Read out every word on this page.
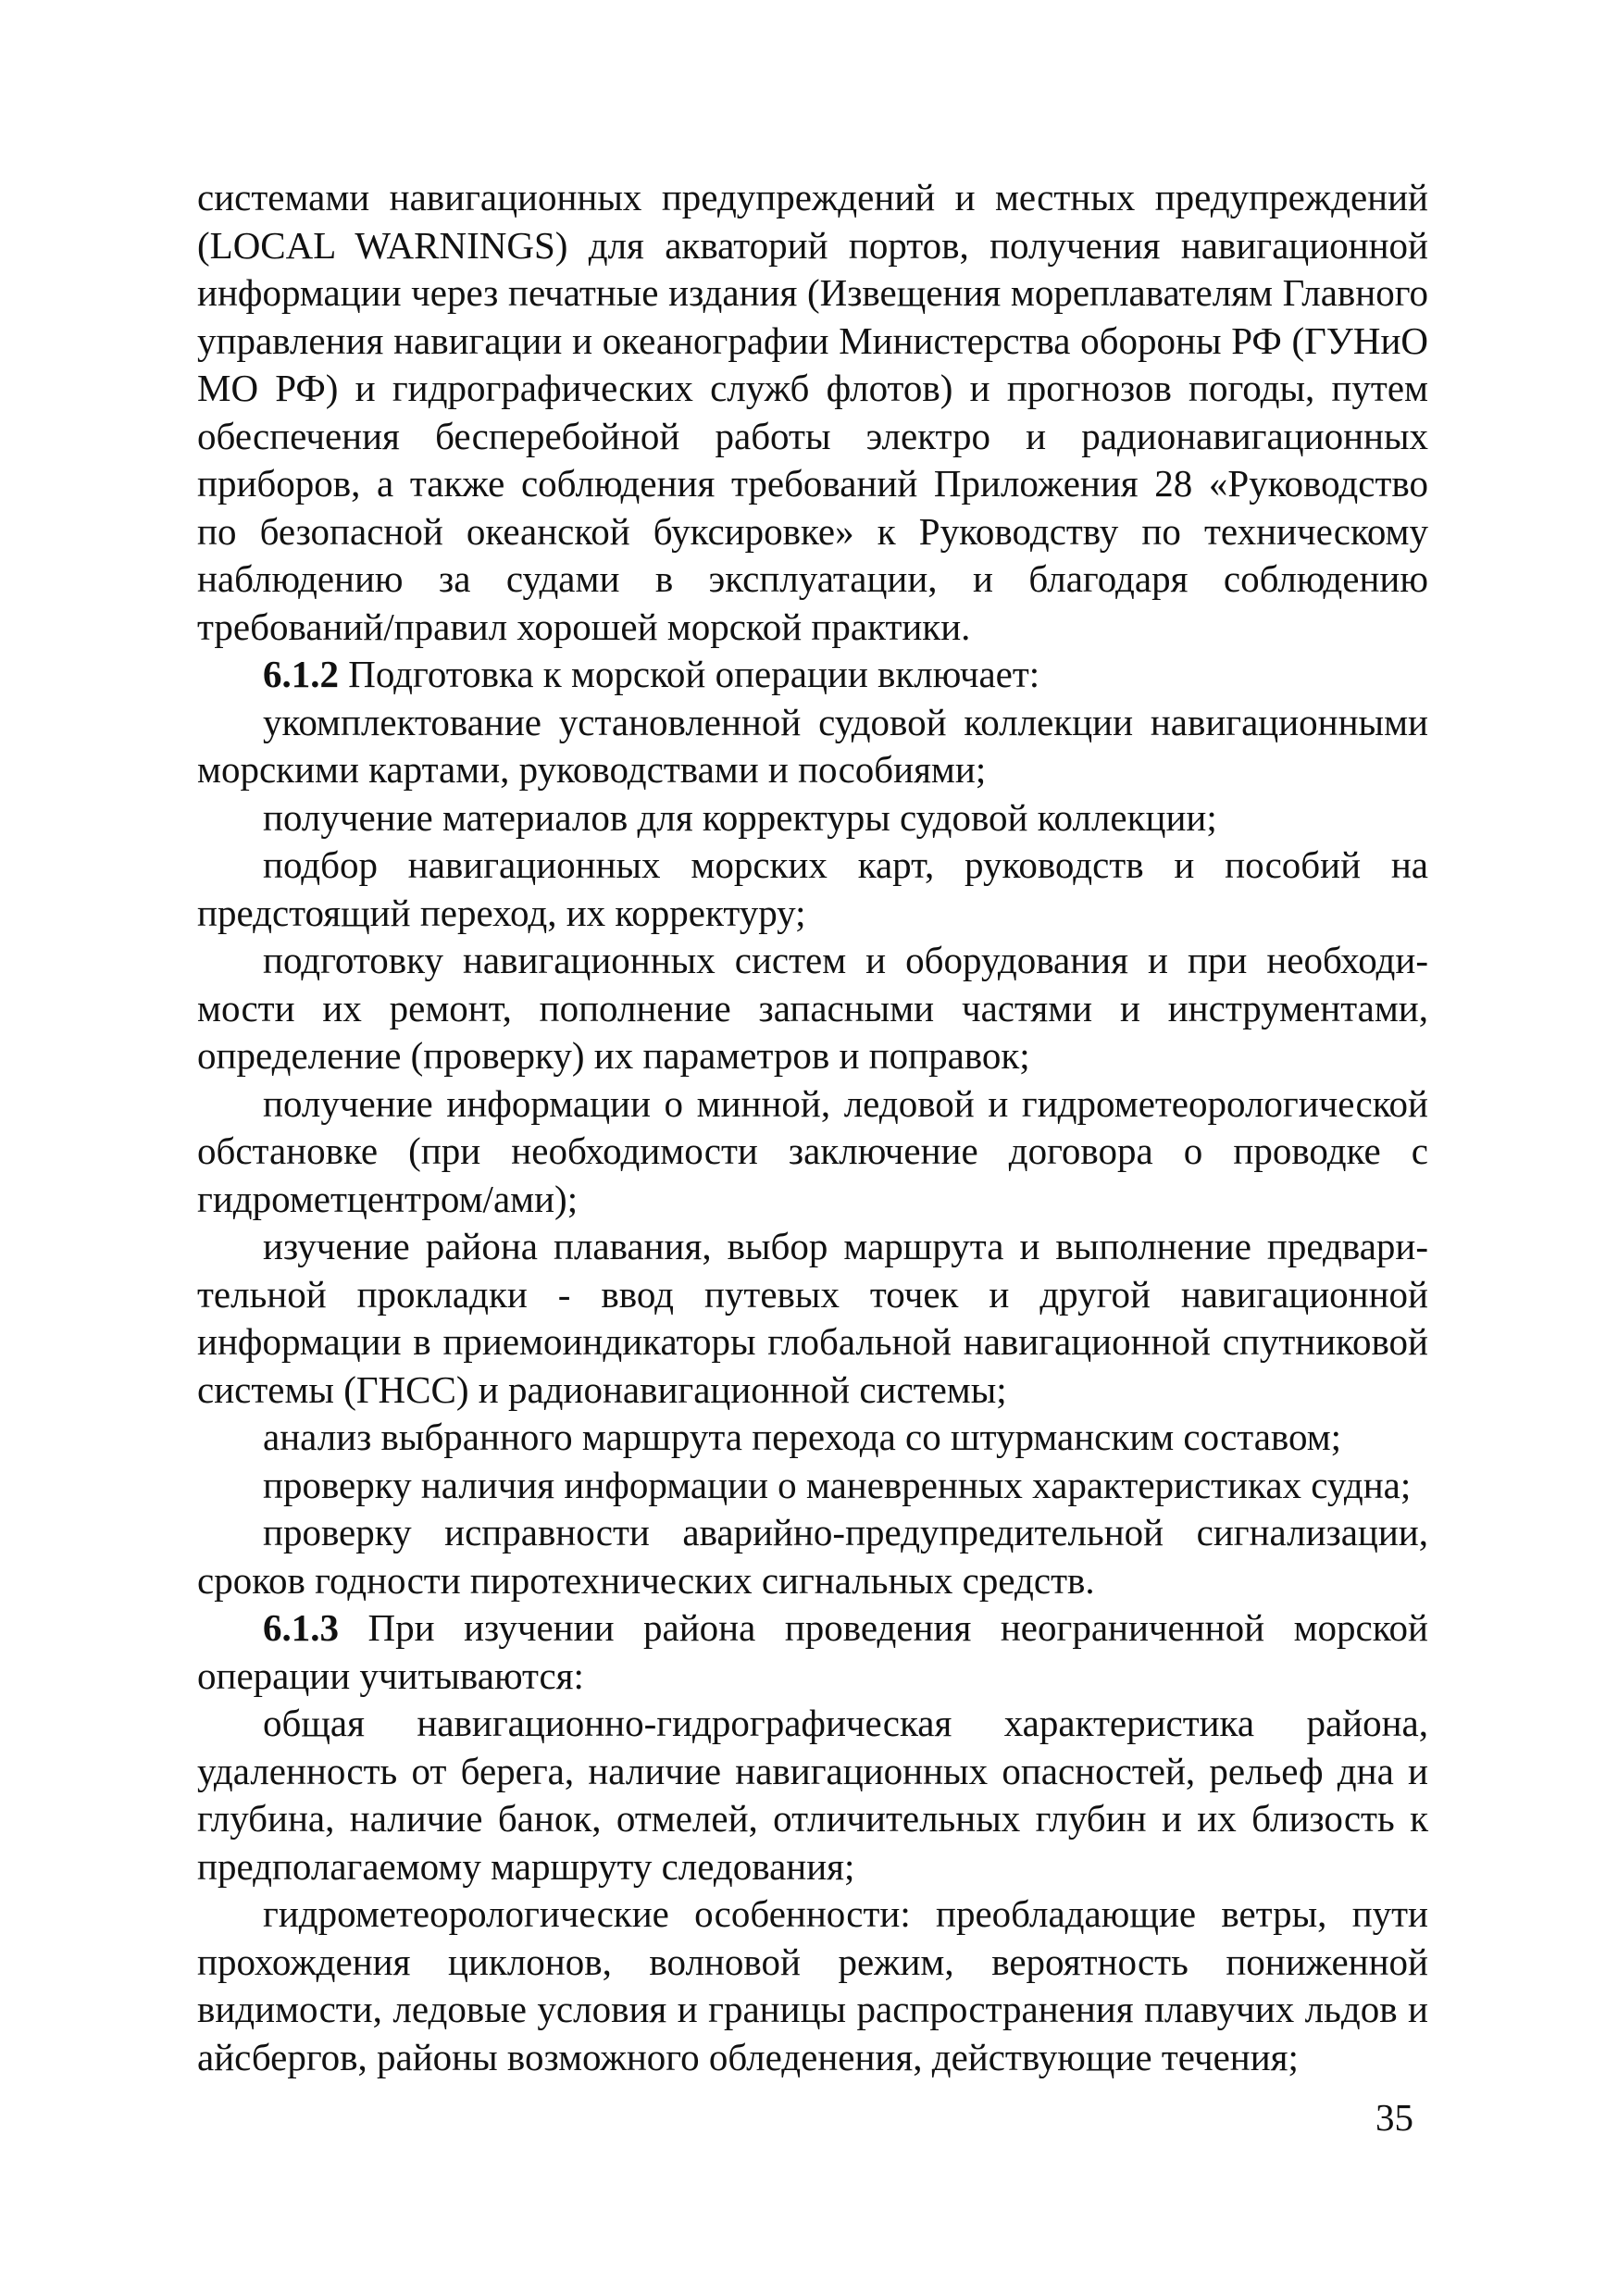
системами навигационных предупреждений и местных предупреждений (LOCAL WARNINGS) для акваторий портов, получения навигационной информации через печатные издания (Извещения мореплавателям Главного управления навигации и океанографии Министерства обороны РФ (ГУНиО МО РФ) и гидрографических служб флотов) и прогнозов погоды, путем обеспечения бесперебойной работы электро и радионавигационных приборов, а также соблюдения требований Приложения 28 «Руководство по безопасной океанской буксировке» к Руководству по техническому наблюдению за судами в эксплуатации, и благодаря соблюдению требований/правил хорошей морской практики.

6.1.2 Подготовка к морской операции включает:

укомплектование установленной судовой коллекции навигационными морскими картами, руководствами и пособиями;

получение материалов для корректуры судовой коллекции;

подбор навигационных морских карт, руководств и пособий на предстоящий переход, их корректуру;

подготовку навигационных систем и оборудования и при необходимости их ремонт, пополнение запасными частями и инструментами, определение (проверку) их параметров и поправок;

получение информации о минной, ледовой и гидрометеорологической обстановке (при необходимости заключение договора о проводке с гидрометцентром/ами);

изучение района плавания, выбор маршрута и выполнение предварительной прокладки - ввод путевых точек и другой навигационной информации в приемоиндикаторы глобальной навигационной спутниковой системы (ГНСС) и радионавигационной системы;

анализ выбранного маршрута перехода со штурманским составом;

проверку наличия информации о маневренных характеристиках судна;

проверку исправности аварийно-предупредительной сигнализации, сроков годности пиротехнических сигнальных средств.

6.1.3 При изучении района проведения неограниченной морской операции учитываются:

общая навигационно-гидрографическая характеристика района, удаленность от берега, наличие навигационных опасностей, рельеф дна и глубина, наличие банок, отмелей, отличительных глубин и их близость к предполагаемому маршруту следования;

гидрометеорологические особенности: преобладающие ветры, пути прохождения циклонов, волновой режим, вероятность пониженной видимости, ледовые условия и границы распространения плавучих льдов и айсбергов, районы возможного обледенения, действующие течения;

35
